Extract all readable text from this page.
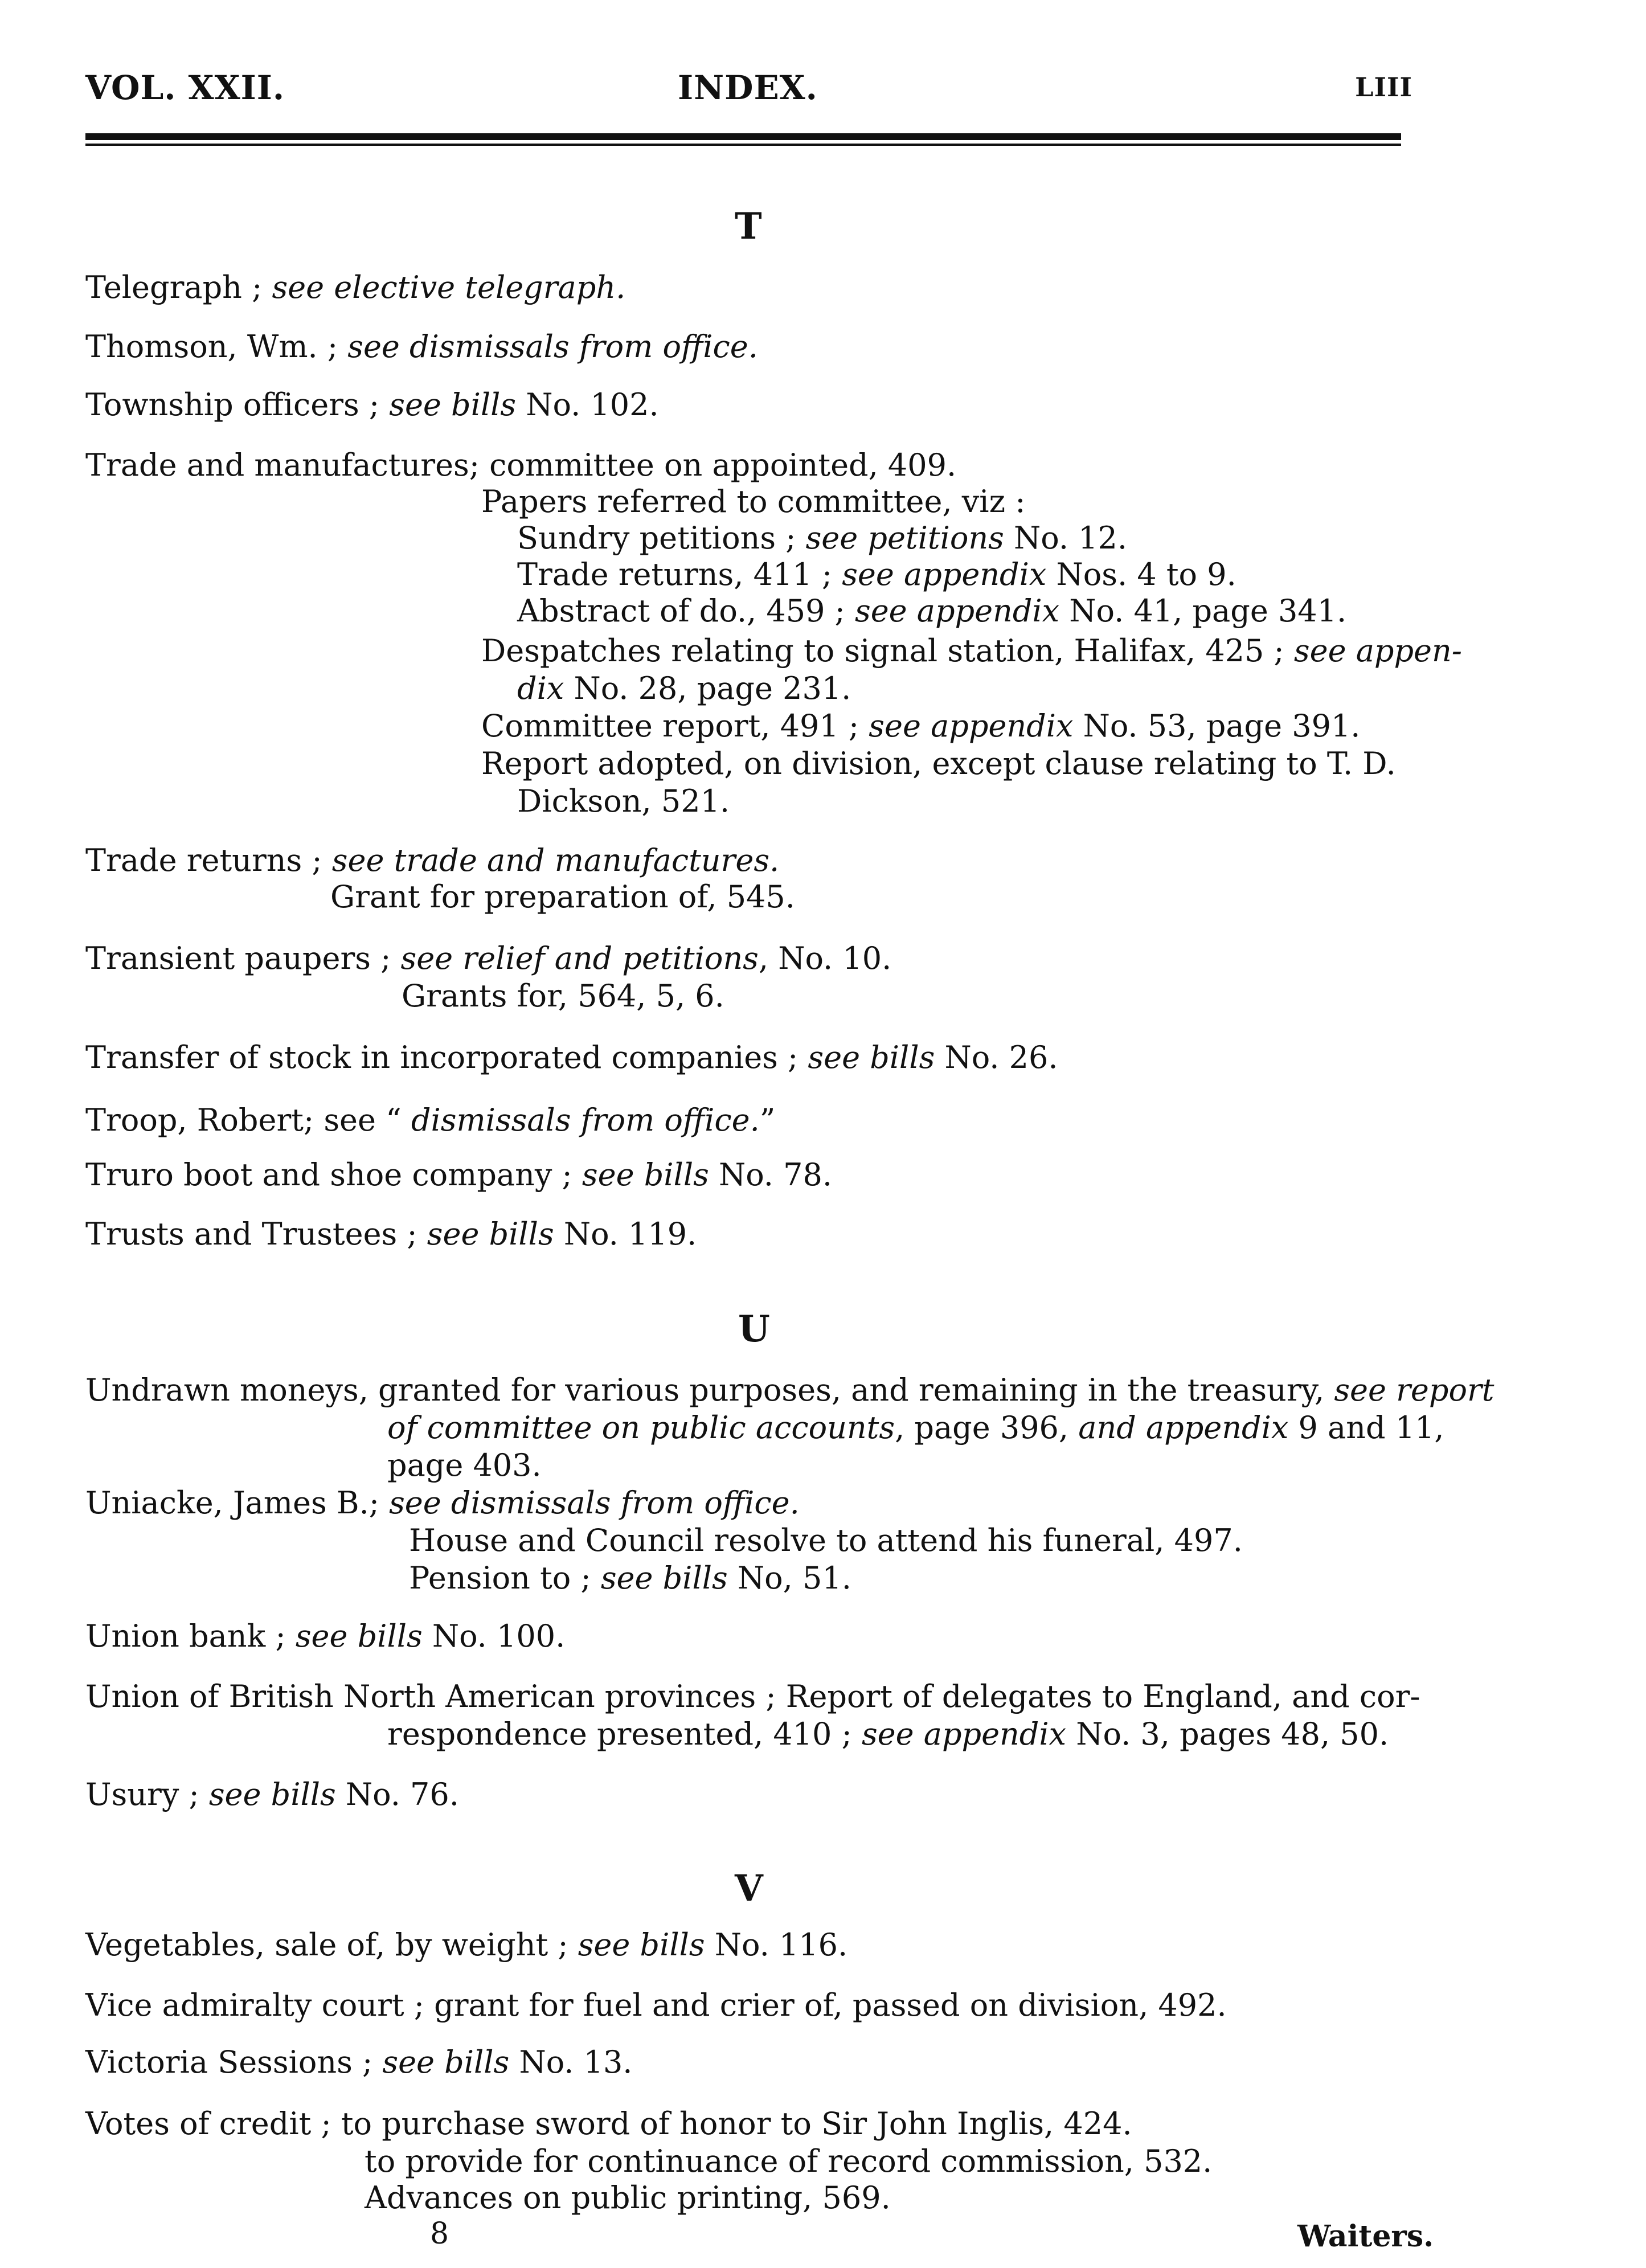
VOL. XXII.	INDEX.	LIII
T
Telegraph ; see elective telegraph.
Thomson, Wm. ; see dismissals from office.
Township officers ; see bills No. 102.
Trade and manufactures; committee on appointed, 409.
Papers referred to committee, viz :
Sundry petitions ; see petitions No. 12.
Trade returns, 411 ; see appendix Nos. 4 to 9.
Abstract of do., 459 ; see appendix No. 41, page 341.
Despatches relating to signal station, Halifax, 425 ; see appen-
dix No. 28, page 231.
Committee report, 491 ; see appendix No. 53, page 391.
Report adopted, on division, except clause relating to T. D.
Dickson, 521.
Trade returns ; see trade and manufactures.
Grant for preparation of, 545.
Transient paupers ; see relief and petitions, No. 10.
Grants for, 564, 5, 6.
Transfer of stock in incorporated companies ; see bills No. 26.
Troop, Robert; see “ dismissals from office.”
Truro boot and shoe company ; see bills No. 78.
Trusts and Trustees ; see bills No. 119.
U
Undrawn moneys, granted for various purposes, and remaining in the treasury, see report
of committee on public accounts, page 396, and appendix 9 and 11,
page 403.
Uniacke, James B.; see dismissals from office.
House and Council resolve to attend his funeral, 497.
Pension to ; see bills No, 51.
Union bank ; see bills No. 100.
Union of British North American provinces ; Report of delegates to England, and cor-
respondence presented, 410 ; see appendix No. 3, pages 48, 50.
Usury ; see bills No. 76.
V
Vegetables, sale of, by weight ; see bills No. 116.
Vice admiralty court ; grant for fuel and crier of, passed on division, 492.
Victoria Sessions ; see bills No. 13.
Votes of credit ; to purchase sword of honor to Sir John Inglis, 424.
to provide for continuance of record commission, 532.
Advances on public printing, 569.
8	Waiters.
